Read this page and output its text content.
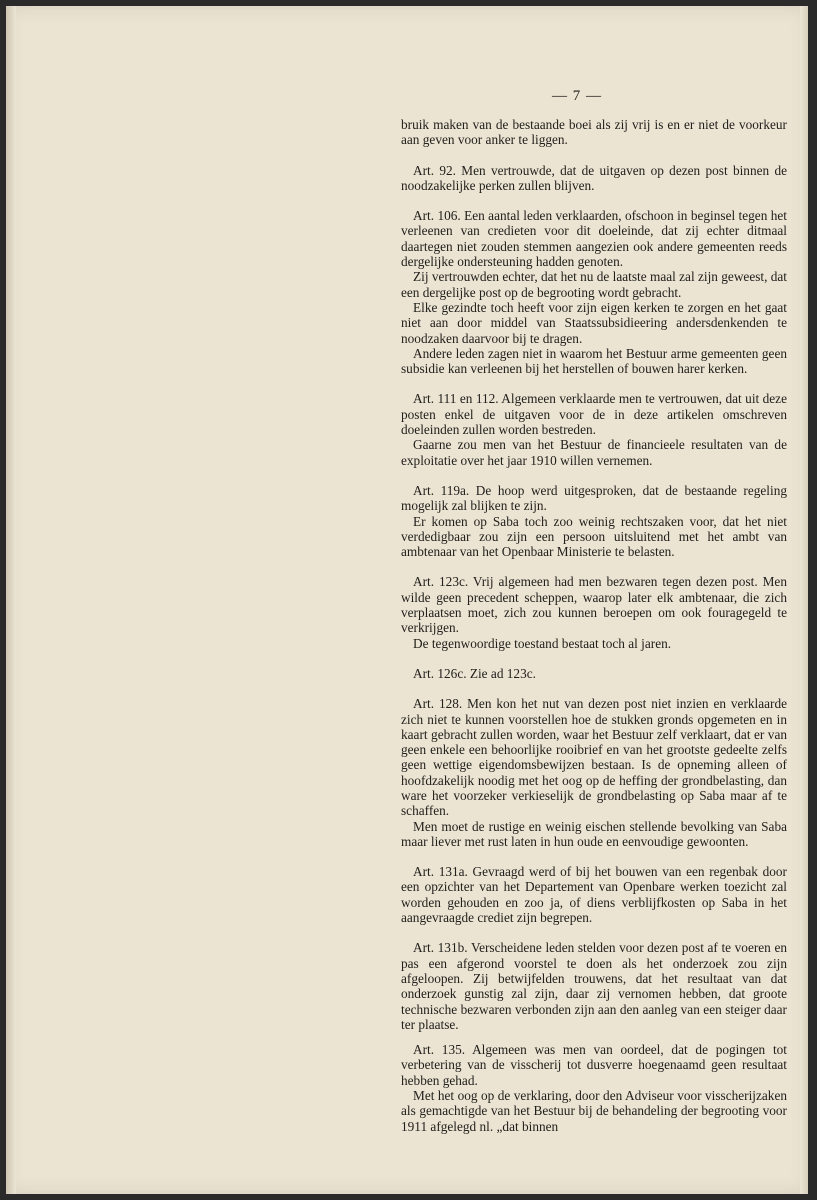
— 7 —

bruik maken van de bestaande boei als zij vrij is en er niet de voorkeur aan geven voor anker te liggen.

Art. 92. Men vertrouwde, dat de uitgaven op dezen post binnen de noodzakelijke perken zullen blijven.

Art. 106. Een aantal leden verklaarden, ofschoon in beginsel tegen het verleenen van credieten voor dit doeleinde, dat zij echter ditmaal daartegen niet zouden stemmen aangezien ook andere gemeenten reeds dergelijke ondersteuning hadden genoten.

Zij vertrouwden echter, dat het nu de laatste maal zal zijn geweest, dat een dergelijke post op de begrooting wordt gebracht.

Elke gezindte toch heeft voor zijn eigen kerken te zorgen en het gaat niet aan door middel van Staatssubsidieering andersdenkenden te noodzaken daarvoor bij te dragen.

Andere leden zagen niet in waarom het Bestuur arme gemeenten geen subsidie kan verleenen bij het herstellen of bouwen harer kerken.

Art. 111 en 112. Algemeen verklaarde men te vertrouwen, dat uit deze posten enkel de uitgaven voor de in deze artikelen omschreven doeleinden zullen worden bestreden.

Gaarne zou men van het Bestuur de financieele resultaten van de exploitatie over het jaar 1910 willen vernemen.

Art. 119a. De hoop werd uitgesproken, dat de bestaande regeling mogelijk zal blijken te zijn.

Er komen op Saba toch zoo weinig rechtszaken voor, dat het niet verdedigbaar zou zijn een persoon uitsluitend met het ambt van ambtenaar van het Openbaar Ministerie te belasten.

Art. 123c. Vrij algemeen had men bezwaren tegen dezen post. Men wilde geen precedent scheppen, waarop later elk ambtenaar, die zich verplaatsen moet, zich zou kunnen beroepen om ook fouragegeld te verkrijgen.

De tegenwoordige toestand bestaat toch al jaren.

Art. 126c. Zie ad 123c.

Art. 128. Men kon het nut van dezen post niet inzien en verklaarde zich niet te kunnen voorstellen hoe de stukken gronds opgemeten en in kaart gebracht zullen worden, waar het Bestuur zelf verklaart, dat er van geen enkele een behoorlijke rooibrief en van het grootste gedeelte zelfs geen wettige eigendomsbewijzen bestaan. Is de opneming alleen of hoofdzakelijk noodig met het oog op de heffing der grondbelasting, dan ware het voorzeker verkieselijk de grondbelasting op Saba maar af te schaffen.

Men moet de rustige en weinig eischen stellende bevolking van Saba maar liever met rust laten in hun oude en eenvoudige gewoonten.

Art. 131a. Gevraagd werd of bij het bouwen van een regenbak door een opzichter van het Departement van Openbare werken toezicht zal worden gehouden en zoo ja, of diens verblijfkosten op Saba in het aangevraagde crediet zijn begrepen.

Art. 131b. Verscheidene leden stelden voor dezen post af te voeren en pas een afgerond voorstel te doen als het onderzoek zou zijn afgeloopen. Zij betwijfelden trouwens, dat het resultaat van dat onderzoek gunstig zal zijn, daar zij vernomen hebben, dat groote technische bezwaren verbonden zijn aan den aanleg van een steiger daar ter plaatse.

Art. 135. Algemeen was men van oordeel, dat de pogingen tot verbetering van de visscherij tot dusverre hoegenaamd geen resultaat hebben gehad.

Met het oog op de verklaring, door den Adviseur voor visscherijzaken als gemachtigde van het Bestuur bij de behandeling der begrooting voor 1911 afgelegd nl. „dat binnen
